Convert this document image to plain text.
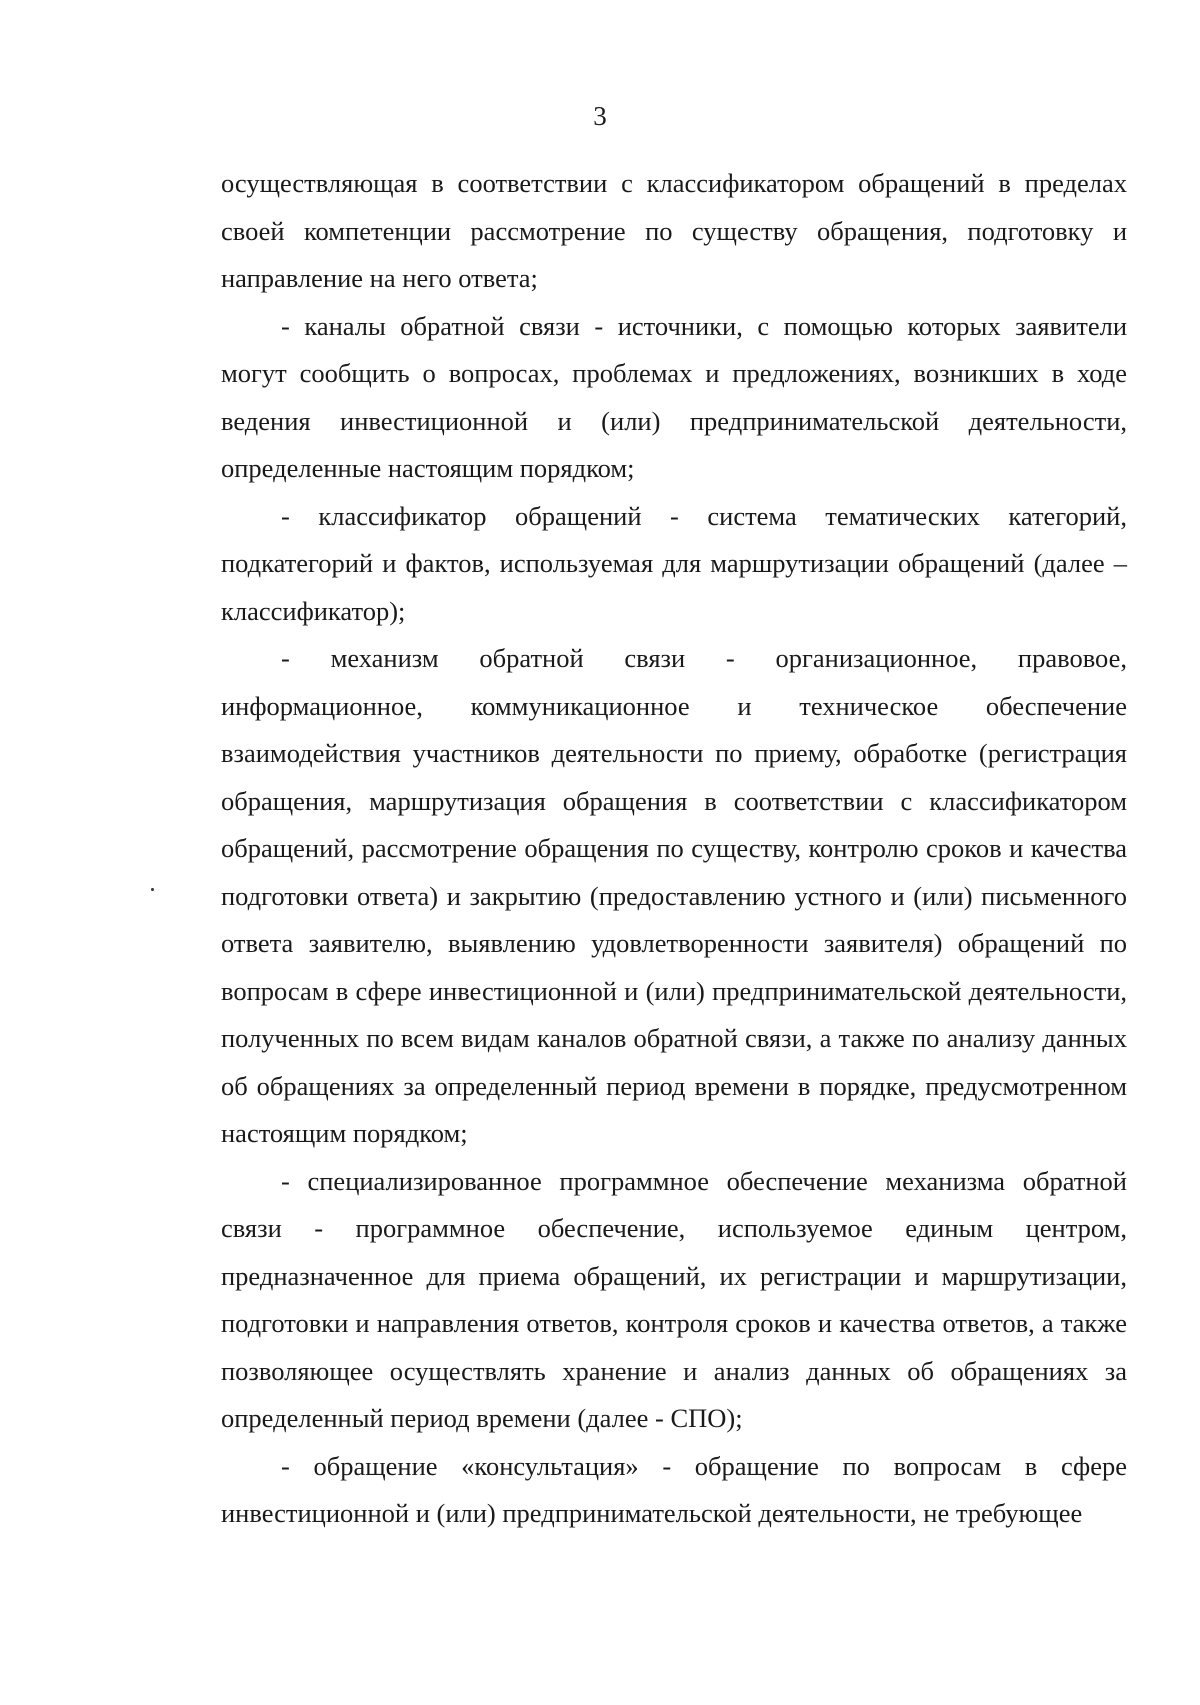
3

осуществляющая в соответствии с классификатором обращений в пределах своей компетенции рассмотрение по существу обращения, подготовку и направление на него ответа;

- каналы обратной связи - источники, с помощью которых заявители могут сообщить о вопросах, проблемах и предложениях, возникших в ходе ведения инвестиционной и (или) предпринимательской деятельности, определенные настоящим порядком;

- классификатор обращений - система тематических категорий, подкатегорий и фактов, используемая для маршрутизации обращений (далее – классификатор);

- механизм обратной связи - организационное, правовое, информационное, коммуникационное и техническое обеспечение взаимодействия участников деятельности по приему, обработке (регистрация обращения, маршрутизация обращения в соответствии с классификатором обращений, рассмотрение обращения по существу, контролю сроков и качества подготовки ответа) и закрытию (предоставлению устного и (или) письменного ответа заявителю, выявлению удовлетворенности заявителя) обращений по вопросам в сфере инвестиционной и (или) предпринимательской деятельности, полученных по всем видам каналов обратной связи, а также по анализу данных об обращениях за определенный период времени в порядке, предусмотренном настоящим порядком;

- специализированное программное обеспечение механизма обратной связи - программное обеспечение, используемое единым центром, предназначенное для приема обращений, их регистрации и маршрутизации, подготовки и направления ответов, контроля сроков и качества ответов, а также позволяющее осуществлять хранение и анализ данных об обращениях за определенный период времени (далее - СПО);

- обращение «консультация» - обращение по вопросам в сфере инвестиционной и (или) предпринимательской деятельности, не требующее
